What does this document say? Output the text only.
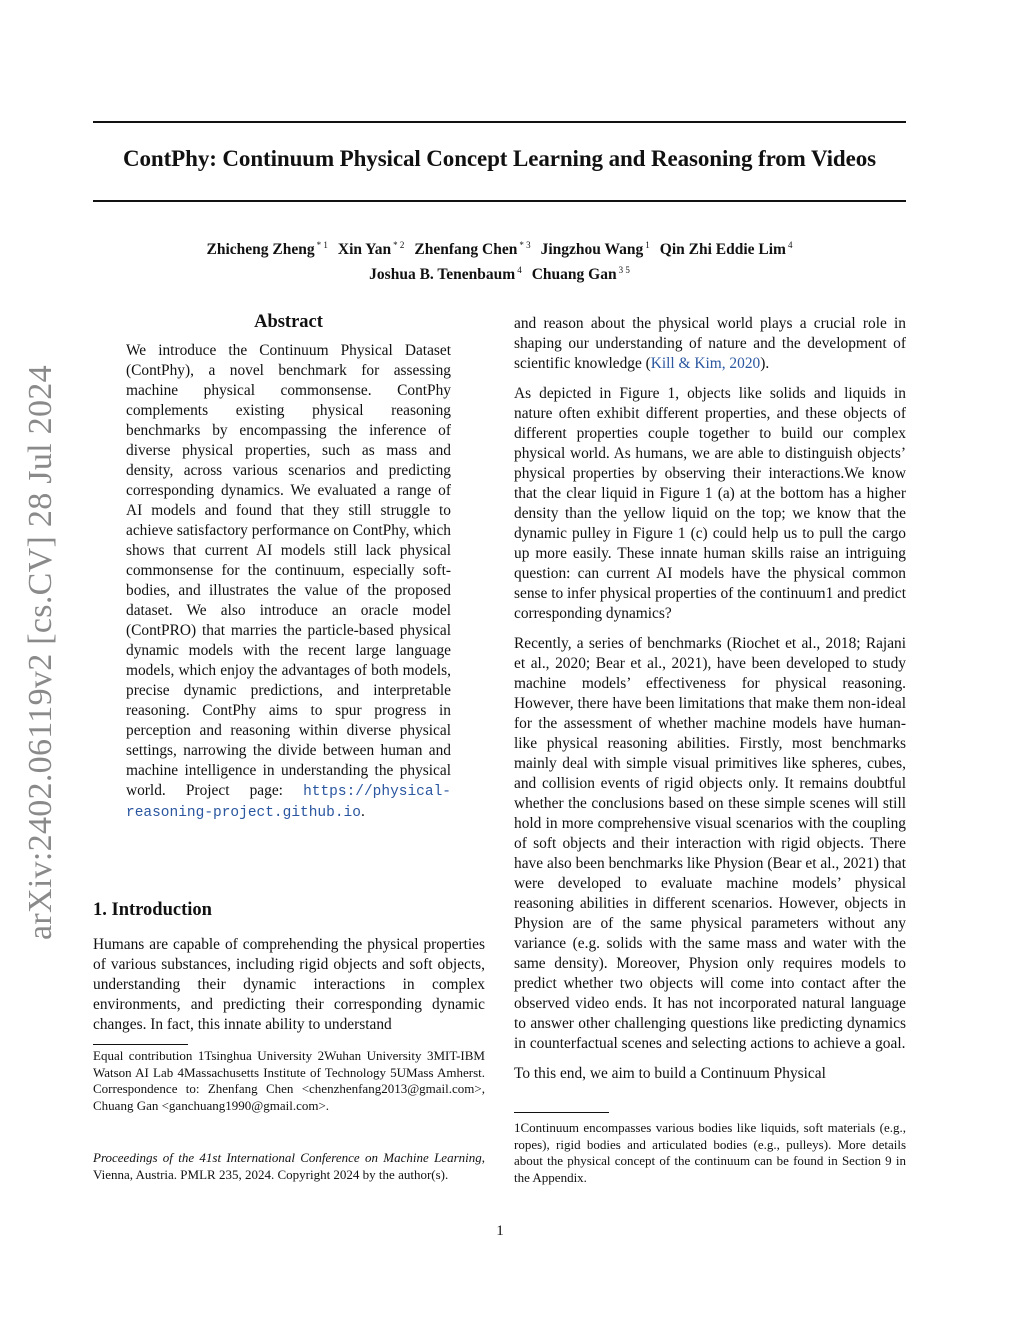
ContPhy: Continuum Physical Concept Learning and Reasoning from Videos
Zhicheng Zheng $^{* 1}$ Xin Yan $^{* 2}$ Zhenfang Chen $^{* 3}$ Jingzhou Wang $^1$ Qin Zhi Eddie Lim $^4$
Joshua B. Tenenbaum $^4$ Chuang Gan $^{3 5}$
arXiv:2402.06119v2 [cs.CV] 28 Jul 2024
Abstract
We introduce the Continuum Physical Dataset (ContPhy), a novel benchmark for assessing machine physical commonsense. ContPhy complements existing physical reasoning benchmarks by encompassing the inference of diverse physical properties, such as mass and density, across various scenarios and predicting corresponding dynamics. We evaluated a range of AI models and found that they still struggle to achieve satisfactory performance on ContPhy, which shows that current AI models still lack physical commonsense for the continuum, especially soft-bodies, and illustrates the value of the proposed dataset. We also introduce an oracle model (ContPRO) that marries the particle-based physical dynamic models with the recent large language models, which enjoy the advantages of both models, precise dynamic predictions, and interpretable reasoning. ContPhy aims to spur progress in perception and reasoning within diverse physical settings, narrowing the divide between human and machine intelligence in understanding the physical world. Project page: https://physical-reasoning-project.github.io.
1. Introduction

Humans are capable of comprehending the physical properties of various substances, including rigid objects and soft objects, understanding their dynamic interactions in complex environments, and predicting their corresponding dynamic changes. In fact, this innate ability to understand

Equal contribution 1Tsinghua University 2Wuhan University 3MIT-IBM Watson AI Lab 4Massachusetts Institute of Technology 5UMass Amherst. Correspondence to: Zhenfang Chen <chenzhenfang2013@gmail.com>, Chuang Gan <ganchuang1990@gmail.com>.
Proceedings of the 41st International Conference on Machine Learning, Vienna, Austria. PMLR 235, 2024. Copyright 2024 by the author(s).

and reason about the physical world plays a crucial role in shaping our understanding of nature and the development of scientific knowledge (Kill & Kim, 2020).

As depicted in Figure 1, objects like solids and liquids in nature often exhibit different properties, and these objects of different properties couple together to build our complex physical world. As humans, we are able to distinguish objects’ physical properties by observing their interactions.We know that the clear liquid in Figure 1 (a) at the bottom has a higher density than the yellow liquid on the top; we know that the dynamic pulley in Figure 1 (c) could help us to pull the cargo up more easily. These innate human skills raise an intriguing question: can current AI models have the physical common sense to infer physical properties of the continuum1 and predict corresponding dynamics?

Recently, a series of benchmarks (Riochet et al., 2018; Rajani et al., 2020; Bear et al., 2021), have been developed to study machine models’ effectiveness for physical reasoning. However, there have been limitations that make them non-ideal for the assessment of whether machine models have human-like physical reasoning abilities. Firstly, most benchmarks mainly deal with simple visual primitives like spheres, cubes, and collision events of rigid objects only. It remains doubtful whether the conclusions based on these simple scenes will still hold in more comprehensive visual scenarios with the coupling of soft objects and their interaction with rigid objects. There have also been benchmarks like Physion (Bear et al., 2021) that were developed to evaluate machine models’ physical reasoning abilities in different scenarios. However, objects in Physion are of the same physical parameters without any variance (e.g. solids with the same mass and water with the same density). Moreover, Physion only requires models to predict whether two objects will come into contact after the observed video ends. It has not incorporated natural language to answer other challenging questions like predicting dynamics in counterfactual scenes and selecting actions to achieve a goal.

To this end, we aim to build a Continuum Physical

1Continuum encompasses various bodies like liquids, soft materials (e.g., ropes), rigid bodies and articulated bodies (e.g., pulleys). More details about the physical concept of the continuum can be found in Section 9 in the Appendix.
1
